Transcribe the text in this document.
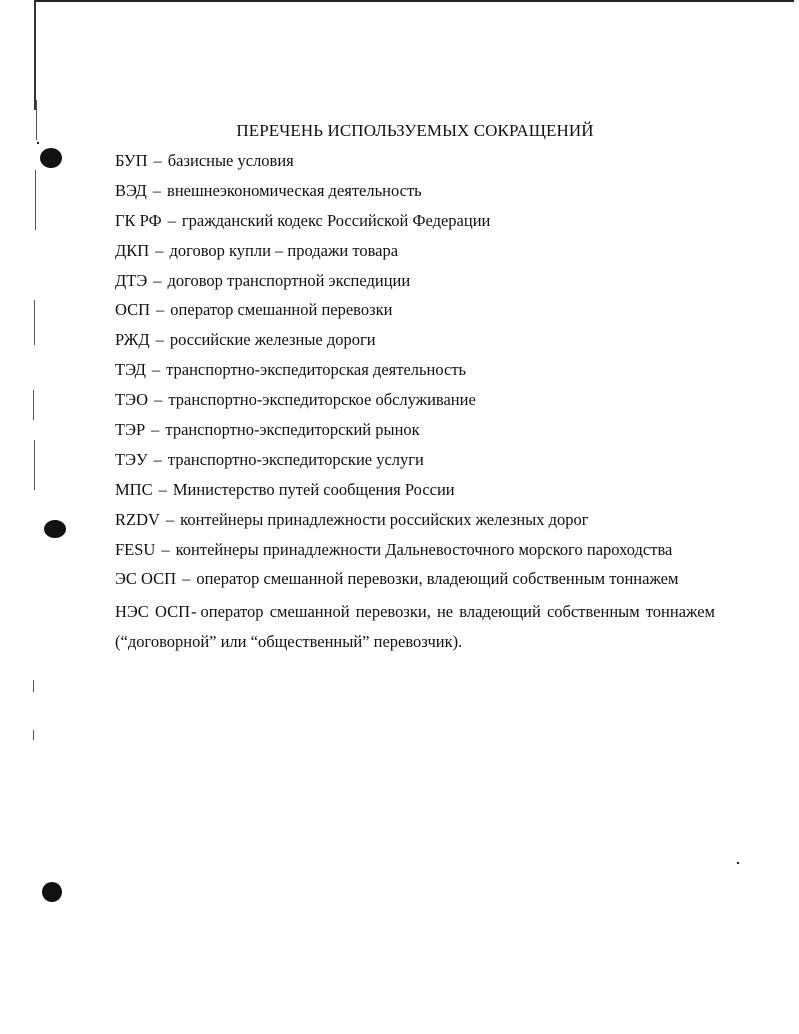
ПЕРЕЧЕНЬ ИСПОЛЬЗУЕМЫХ СОКРАЩЕНИЙ
БУП – базисные условия
ВЭД – внешнеэкономическая деятельность
ГК РФ – гражданский кодекс Российской Федерации
ДКП – договор купли – продажи товара
ДТЭ – договор транспортной экспедиции
ОСП – оператор смешанной перевозки
РЖД – российские железные дороги
ТЭД – транспортно-экспедиторская деятельность
ТЭО – транспортно-экспедиторское обслуживание
ТЭР – транспортно-экспедиторский рынок
ТЭУ – транспортно-экспедиторские услуги
МПС – Министерство путей сообщения России
RZDV – контейнеры принадлежности российских железных дорог
FESU – контейнеры принадлежности Дальневосточного морского пароходства
ЭС ОСП – оператор смешанной перевозки, владеющий собственным тоннажем
НЭС ОСП- оператор смешанной перевозки, не владеющий собственным тоннажем (“договорной” или “общественный” перевозчик).
